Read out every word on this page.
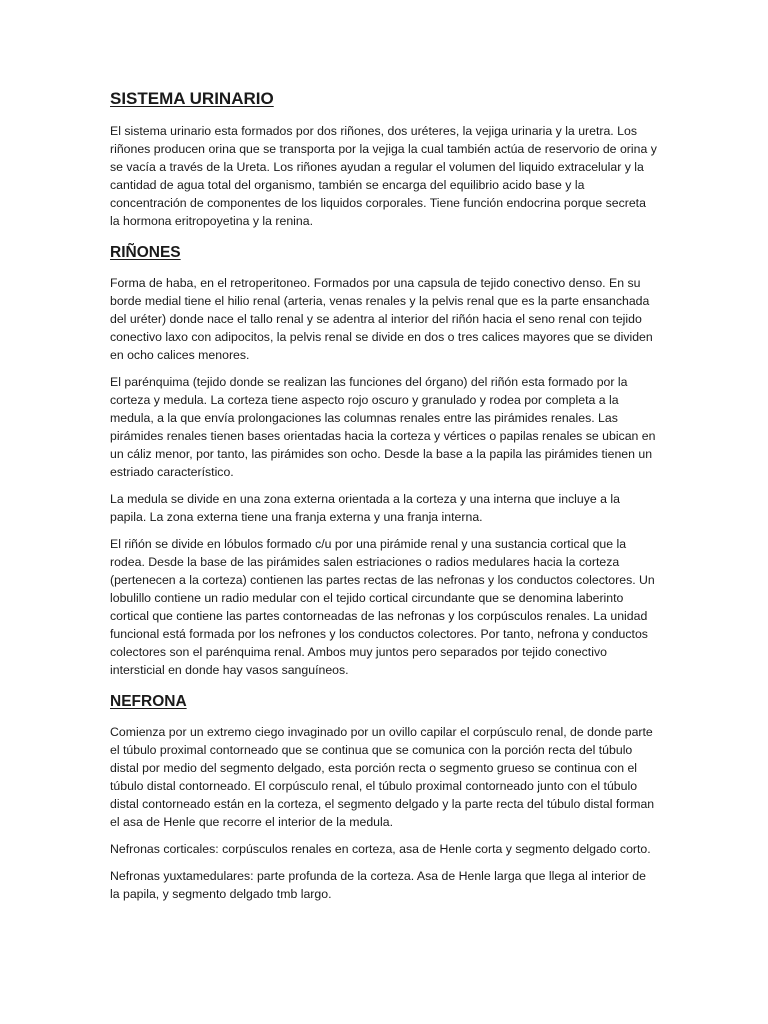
SISTEMA URINARIO

El sistema urinario esta formados por dos riñones, dos uréteres, la vejiga urinaria y la uretra. Los riñones producen orina que se transporta por la vejiga la cual también actúa de reservorio de orina y se vacía a través de la Ureta. Los riñones ayudan a regular el volumen del liquido extracelular y la cantidad de agua total del organismo, también se encarga del equilibrio acido base y la concentración de componentes de los liquidos corporales. Tiene función endocrina porque secreta la hormona eritropoyetina y la renina.

RIÑONES

Forma de haba, en el retroperitoneo. Formados por una capsula de tejido conectivo denso. En su borde medial tiene el hilio renal (arteria, venas renales y la pelvis renal que es la parte ensanchada del uréter) donde nace el tallo renal y se adentra al interior del riñón hacia el seno renal con tejido conectivo laxo con adipocitos, la pelvis renal se divide en dos o tres calices mayores que se dividen en ocho calices menores.

El parénquima (tejido donde se realizan las funciones del órgano) del riñón esta formado por la corteza y medula. La corteza tiene aspecto rojo oscuro y granulado y rodea por completa a la medula, a la que envía prolongaciones las columnas renales entre las pirámides renales. Las pirámides renales tienen bases orientadas hacia la corteza y vértices o papilas renales se ubican en un cáliz menor, por tanto, las pirámides son ocho. Desde la base a la papila las pirámides tienen un estriado característico.

La medula se divide en una zona externa orientada a la corteza y una interna que incluye a la papila. La zona externa tiene una franja externa y una franja interna.

El riñón se divide en lóbulos formado c/u por una pirámide renal y una sustancia cortical que la rodea. Desde la base de las pirámides salen estriaciones o radios medulares hacia la corteza (pertenecen a la corteza) contienen las partes rectas de las nefronas y los conductos colectores. Un lobulillo contiene un radio medular con el tejido cortical circundante que se denomina laberinto cortical que contiene las partes contorneadas de las nefronas y los corpúsculos renales. La unidad funcional está formada por los nefrones y los conductos colectores. Por tanto, nefrona y conductos colectores son el parénquima renal. Ambos muy juntos pero separados por tejido conectivo intersticial en donde hay vasos sanguíneos.

NEFRONA

Comienza por un extremo ciego invaginado por un ovillo capilar el corpúsculo renal, de donde parte el túbulo proximal contorneado que se continua que se comunica con la porción recta del túbulo distal por medio del segmento delgado, esta porción recta o segmento grueso se continua con el túbulo distal contorneado. El corpúsculo renal, el túbulo proximal contorneado junto con el túbulo distal contorneado están en la corteza, el segmento delgado y la parte recta del túbulo distal forman el asa de Henle que recorre el interior de la medula.

Nefronas corticales: corpúsculos renales en corteza, asa de Henle corta y segmento delgado corto.

Nefronas yuxtamedulares: parte profunda de la corteza. Asa de Henle larga que llega al interior de la papila, y segmento delgado tmb largo.
